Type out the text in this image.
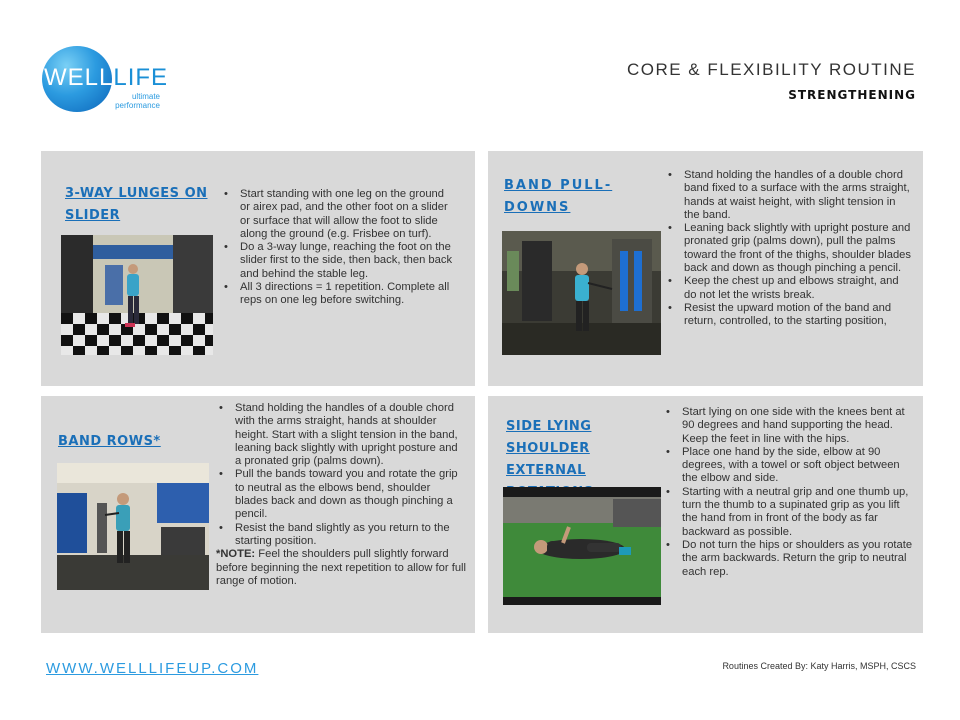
WELLLIFE
ultimate
performance
CORE & FLEXIBILITY ROUTINE
STRENGTHENING
3-WAY LUNGES ON
SLIDER
• Start standing with one leg on the ground or airex pad, and the other foot on a slider or surface that will allow the foot to slide along the ground (e.g. Frisbee on turf).
• Do a 3-way lunge, reaching the foot on the slider first to the side, then back, then back and behind the stable leg.
• All 3 directions = 1 repetition. Complete all reps on one leg before switching.
BAND PULL-
DOWNS
• Stand holding the handles of a double chord band fixed to a surface with the arms straight, hands at waist height, with slight tension in the band.
• Leaning back slightly with upright posture and pronated grip (palms down), pull the palms toward the front of the thighs, shoulder blades back and down as though pinching a pencil.
• Keep the chest up and elbows straight, and do not let the wrists break.
• Resist the upward motion of the band and return, controlled, to the starting position,
BAND ROWS*
• Stand holding the handles of a double chord with the arms straight, hands at shoulder height. Start with a slight tension in the band, leaning back slightly with upright posture and a pronated grip (palms down).
• Pull the bands toward you and rotate the grip to neutral as the elbows bend, shoulder blades back and down as though pinching a pencil.
• Resist the band slightly as you return to the starting position.
*NOTE: Feel the shoulders pull slightly forward before beginning the next repetition to allow for full range of motion.
SIDE LYING
SHOULDER EXTERNAL
• Start lying on one side with the knees bent at 90 degrees and hand supporting the head. Keep the feet in line with the hips.
• Place one hand by the side, elbow at 90 degrees, with a towel or soft object between the elbow and side.
• Starting with a neutral grip and one thumb up, turn the thumb to a supinated grip as you lift the hand from in front of the body as far backward as possible.
• Do not turn the hips or shoulders as you rotate the arm backwards. Return the grip to neutral each rep.
WWW.WELLLIFEUP.COM	Routines Created By: Katy Harris, MSPH, CSCS
